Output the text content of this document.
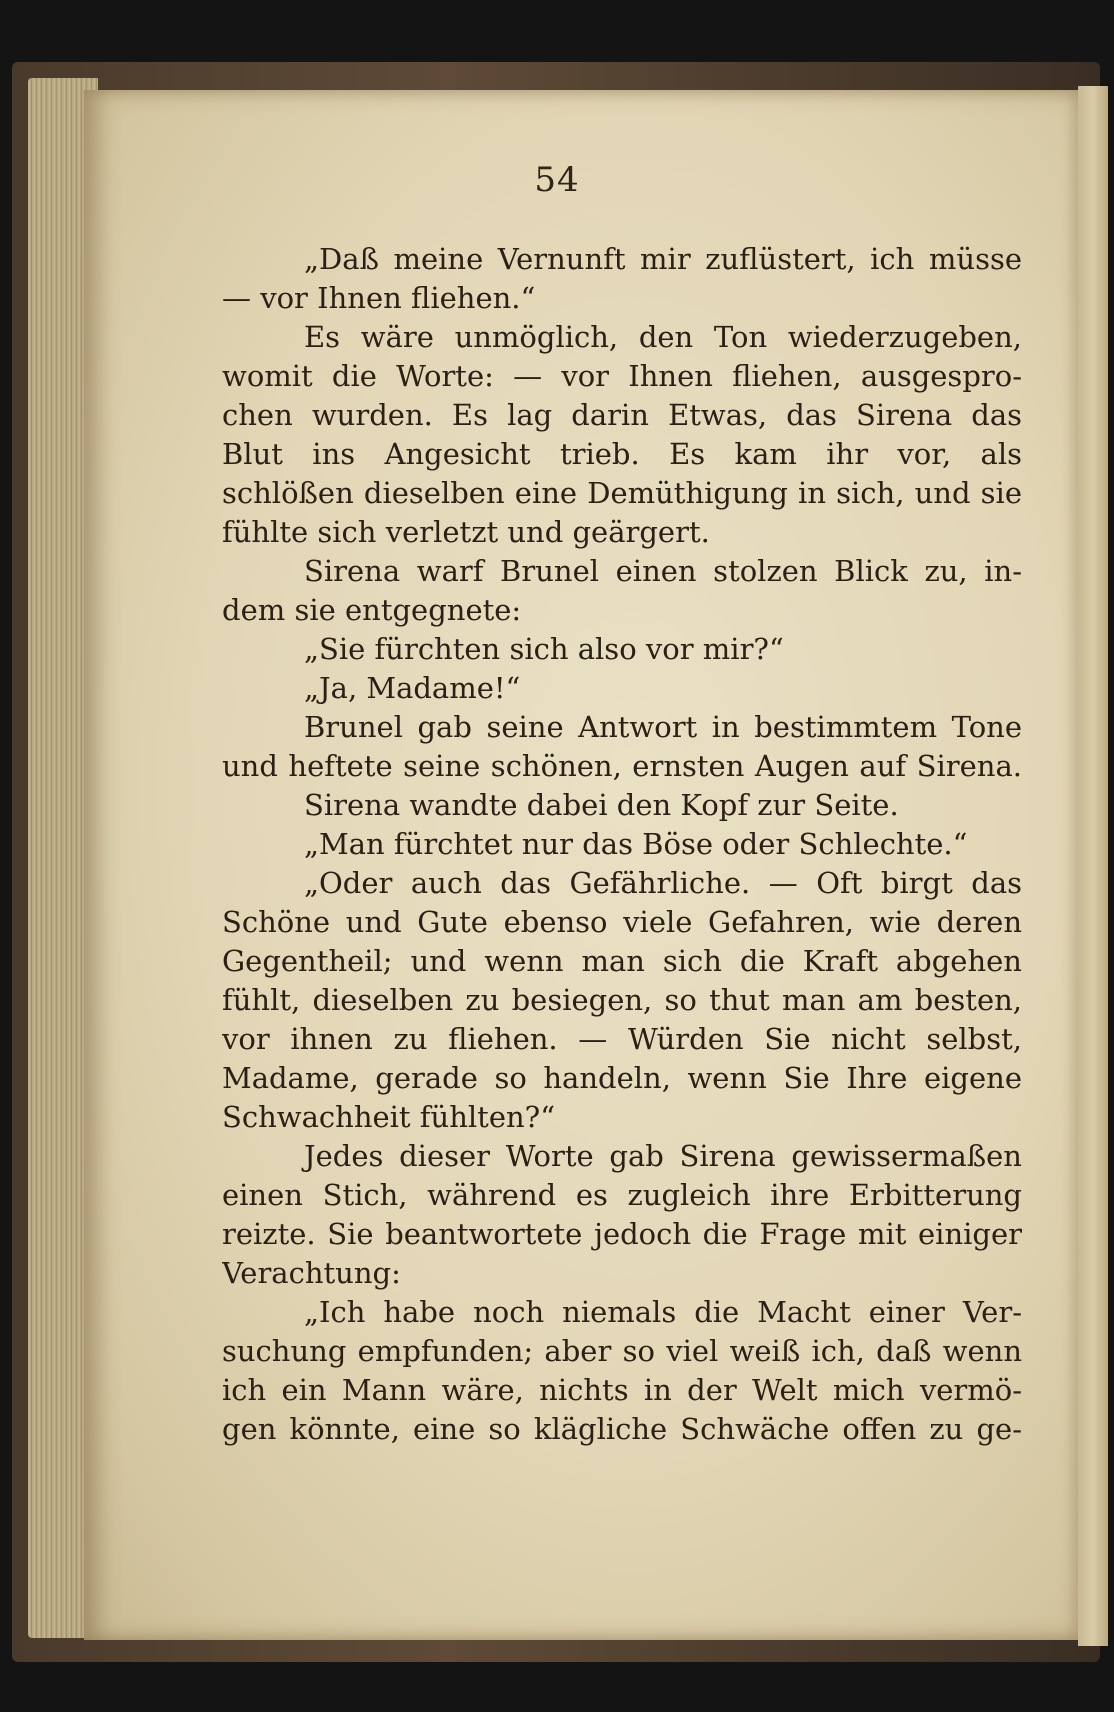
54
„Daß meine Vernunft mir zuflüstert, ich müsse
— vor Ihnen fliehen.“
Es wäre unmöglich, den Ton wiederzugeben,
womit die Worte: — vor Ihnen fliehen, ausgespro-
chen wurden. Es lag darin Etwas, das Sirena das
Blut ins Angesicht trieb. Es kam ihr vor, als
schlößen dieselben eine Demüthigung in sich, und sie
fühlte sich verletzt und geärgert.
Sirena warf Brunel einen stolzen Blick zu, in-
dem sie entgegnete:
„Sie fürchten sich also vor mir?“
„Ja, Madame!“
Brunel gab seine Antwort in bestimmtem Tone
und heftete seine schönen, ernsten Augen auf Sirena.
Sirena wandte dabei den Kopf zur Seite.
„Man fürchtet nur das Böse oder Schlechte.“
„Oder auch das Gefährliche. — Oft birgt das
Schöne und Gute ebenso viele Gefahren, wie deren
Gegentheil; und wenn man sich die Kraft abgehen
fühlt, dieselben zu besiegen, so thut man am besten,
vor ihnen zu fliehen. — Würden Sie nicht selbst,
Madame, gerade so handeln, wenn Sie Ihre eigene
Schwachheit fühlten?“
Jedes dieser Worte gab Sirena gewissermaßen
einen Stich, während es zugleich ihre Erbitterung
reizte. Sie beantwortete jedoch die Frage mit einiger
Verachtung:
„Ich habe noch niemals die Macht einer Ver-
suchung empfunden; aber so viel weiß ich, daß wenn
ich ein Mann wäre, nichts in der Welt mich vermö-
gen könnte, eine so klägliche Schwäche offen zu ge-
